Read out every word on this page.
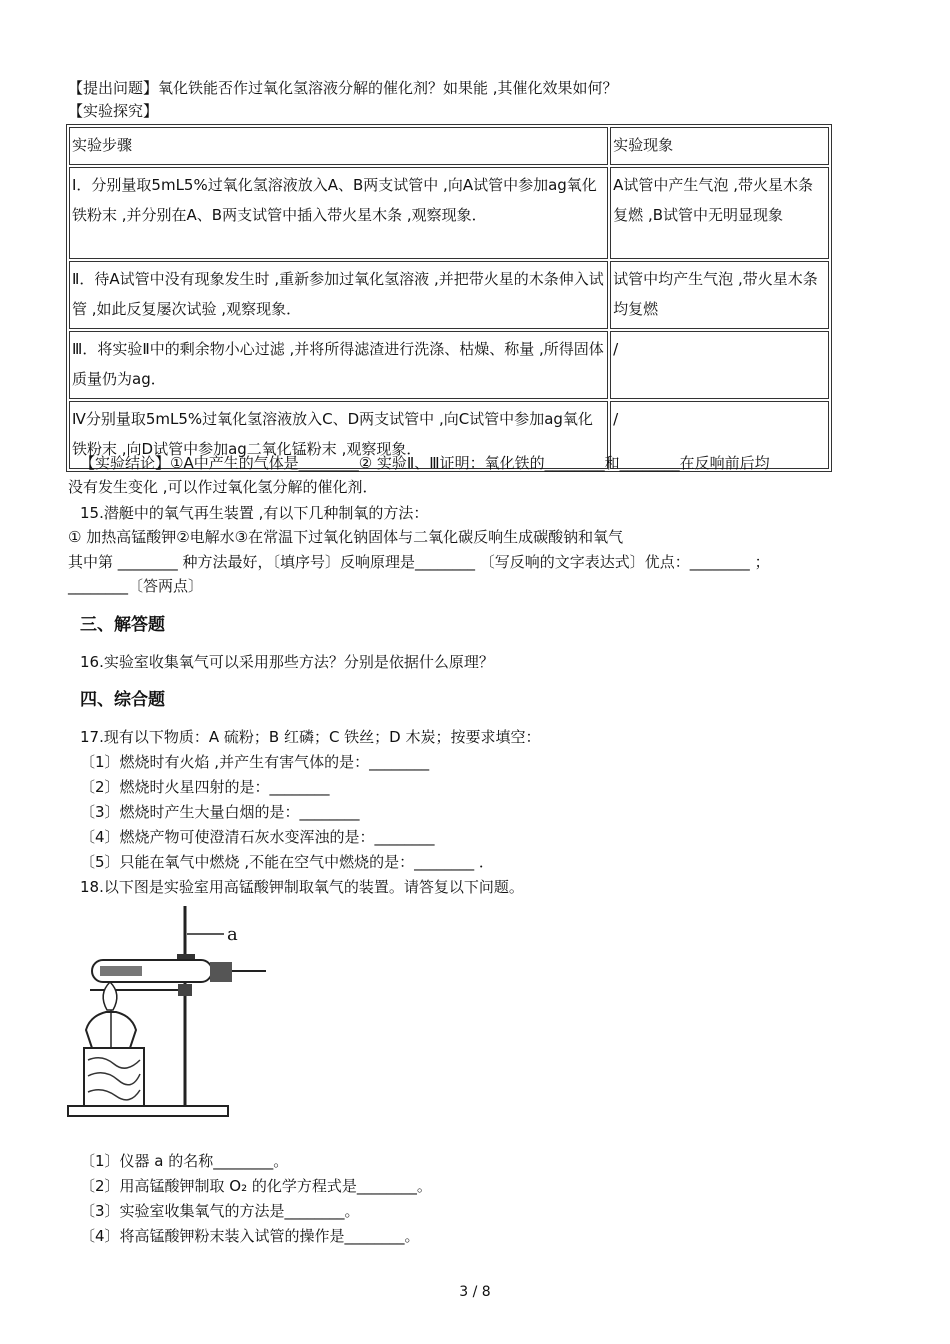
【提出问题】氧化铁能否作过氧化氢溶液分解的催化剂？如果能 ,其催化效果如何？
【实验探究】
实验步骤	实验现象
Ⅰ．分别量取5mL5%过氧化氢溶液放入A、B两支试管中 ,向A试管中参加ag氧化铁粉末 ,并分别在A、B两支试管中插入带火星木条 ,观察现象．	A试管中产生气泡 ,带火星木条复燃 ,B试管中无明显现象
Ⅱ．待A试管中没有现象发生时 ,重新参加过氧化氢溶液 ,并把带火星的木条伸入试管 ,如此反复屡次试验 ,观察现象．	试管中均产生气泡 ,带火星木条均复燃
Ⅲ．将实验Ⅱ中的剩余物小心过滤 ,并将所得滤渣进行洗涤、枯燥、称量 ,所得固体质量仍为ag．	/
Ⅳ分别量取5mL5%过氧化氢溶液放入C、D两支试管中 ,向C试管中参加ag氧化铁粉末 ,向D试管中参加ag二氧化锰粉末 ,观察现象．	/
【实验结论】①A中产生的气体是________② 实验Ⅱ、Ⅲ证明：氧化铁的________和________在反响前后均
没有发生变化 ,可以作过氧化氢分解的催化剂．
15.潜艇中的氧气再生装置 ,有以下几种制氧的方法：
① 加热高锰酸钾②电解水③在常温下过氧化钠固体与二氧化碳反响生成碳酸钠和氧气
其中第 ________ 种方法最好，〔填序号〕反响原理是________ 〔写反响的文字表达式〕优点：________ ；
________〔答两点〕
三、解答题
16.实验室收集氧气可以采用那些方法？分别是依据什么原理？
四、综合题
17.现有以下物质：A 硫粉；B 红磷；C 铁丝；D 木炭；按要求填空：
〔1〕燃烧时有火焰 ,并产生有害气体的是：________
〔2〕燃烧时火星四射的是：________
〔3〕燃烧时产生大量白烟的是：________
〔4〕燃烧产物可使澄清石灰水变浑浊的是：________
〔5〕只能在氧气中燃烧 ,不能在空气中燃烧的是：________ ．
18.以下图是实验室用高锰酸钾制取氧气的装置。请答复以下问题。
a
〔1〕仪器 a 的名称________。
〔2〕用高锰酸钾制取 O₂ 的化学方程式是________。
〔3〕实验室收集氧气的方法是________。
〔4〕将高锰酸钾粉末装入试管的操作是________。
3 / 8
